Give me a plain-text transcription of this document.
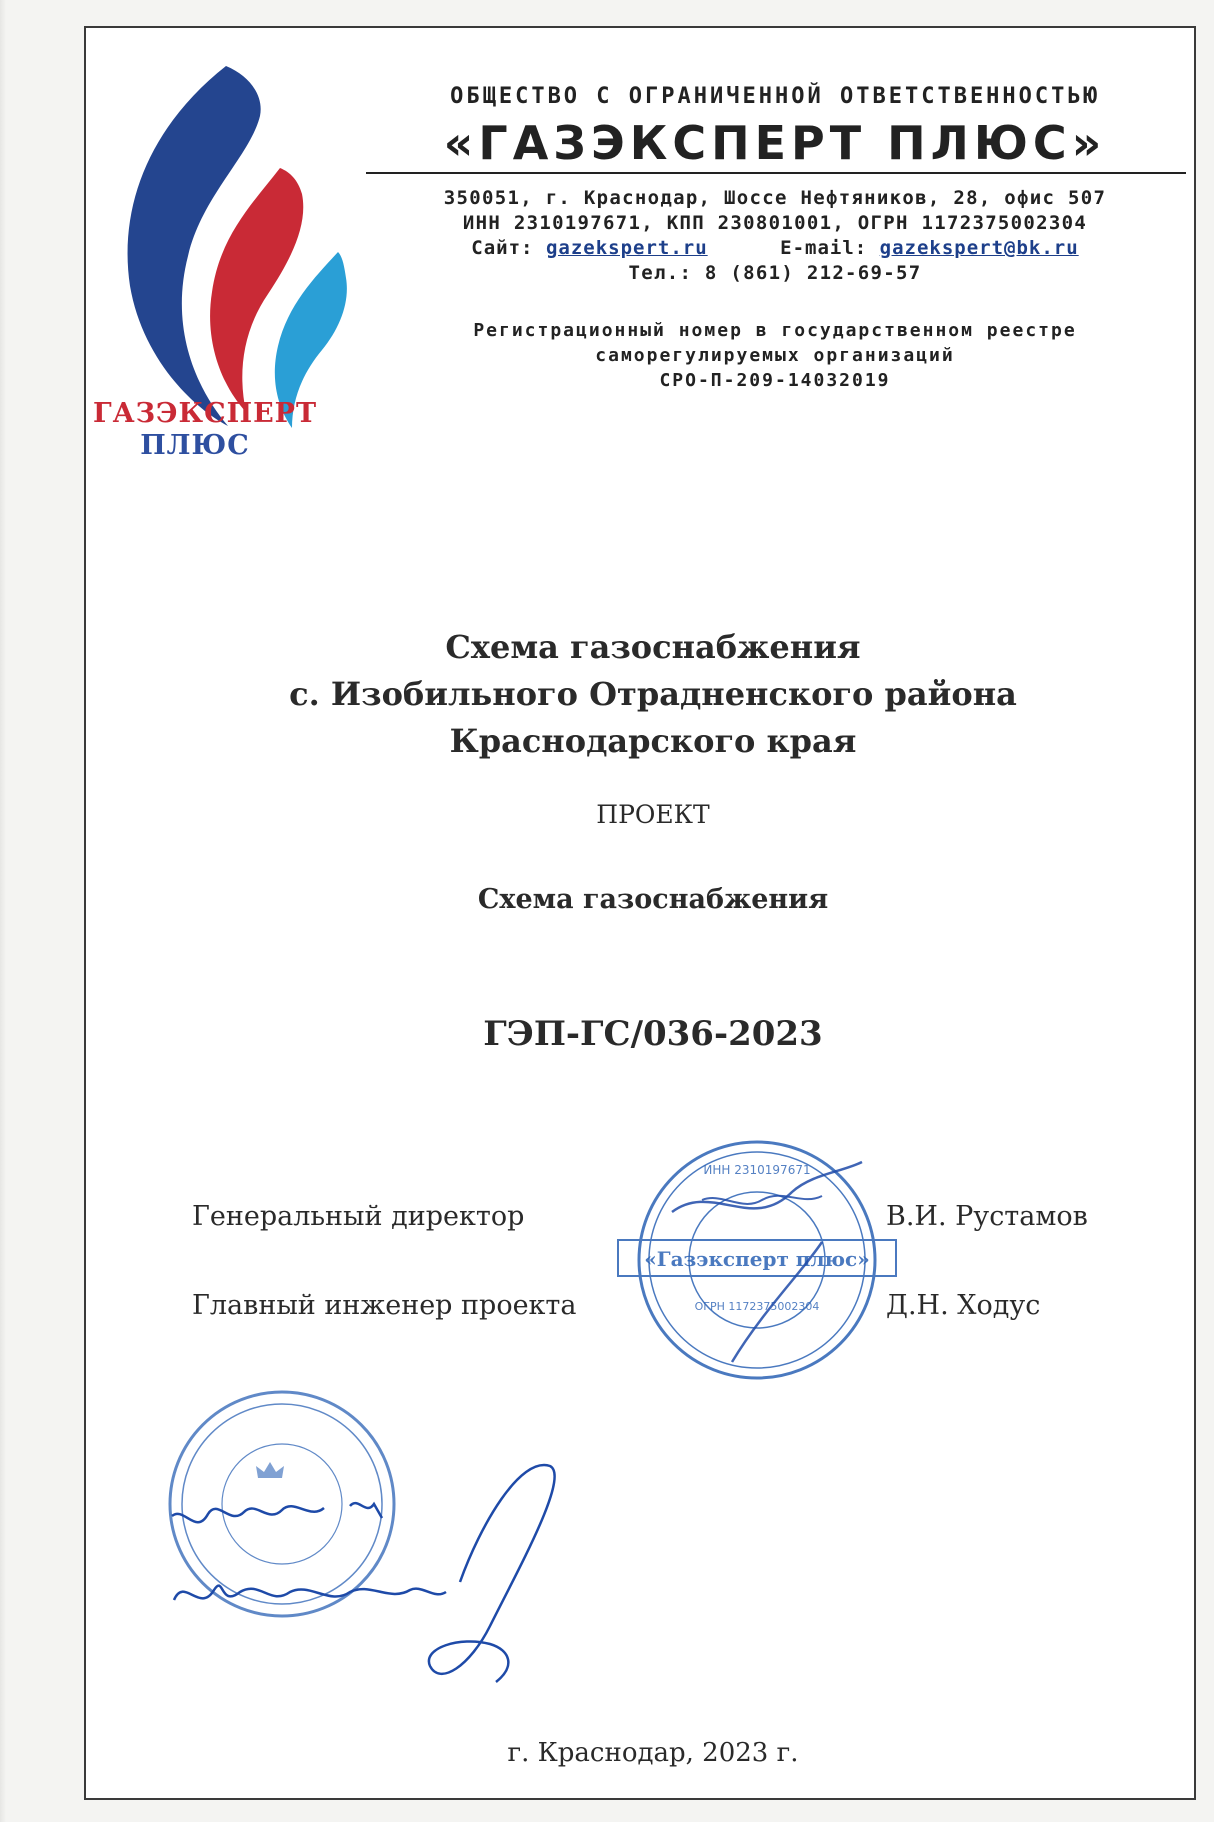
ГАЗЭКСПЕРТ
ПЛЮС
ОБЩЕСТВО С ОГРАНИЧЕННОЙ ОТВЕТСТВЕННОСТЬЮ
«ГАЗЭКСПЕРТ ПЛЮС»
350051, г. Краснодар, Шоссе Нефтяников, 28, офис 507
ИНН 2310197671, КПП 230801001, ОГРН 1172375002304
Сайт: gazekspert.ru	E-mail: gazekspert@bk.ru
Тел.: 8 (861) 212-69-57
Регистрационный номер в государственном реестре
саморегулируемых организаций
СРО-П-209-14032019
Схема газоснабжения
с. Изобильного Отрадненского района
Краснодарского края
ПРОЕКТ
Схема газоснабжения
ГЭП-ГС/036-2023
Генеральный директор	В.И. Рустамов
Главный инженер проекта	Д.Н. Ходус
«Газэксперт плюс»
ИНН 2310197671
ОГРН 1172375002304
г. Краснодар, 2023 г.
